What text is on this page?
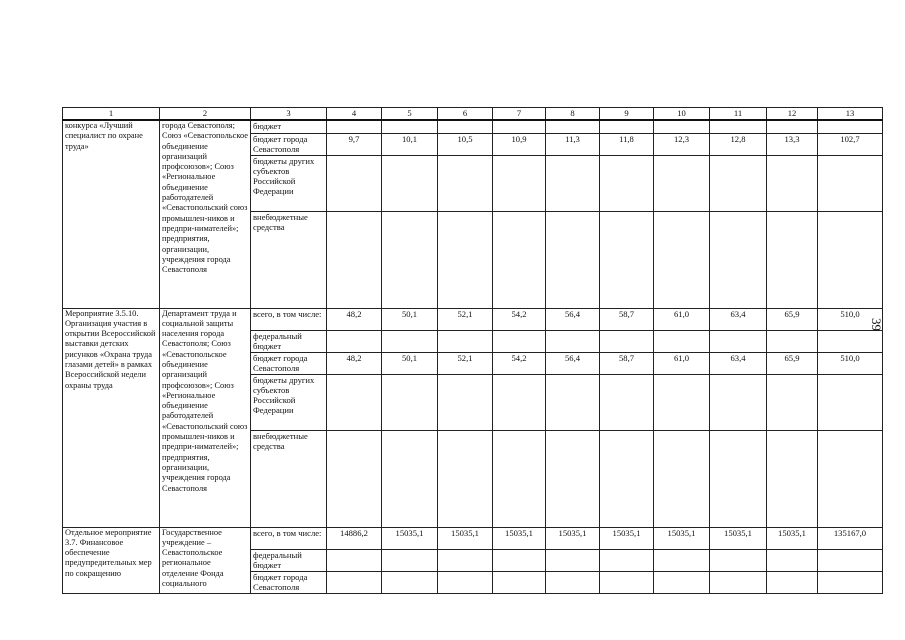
1	2	3	4	5	6	7	8	9	10	11	12	13
конкурса «Лучший специалист по охране труда»	города Севастополя; Союз «Севастопольское объединение организаций профсоюзов»; Союз «Региональное объединение работодателей «Севастопольский союз промышлен-ников и предпри-нимателей»; предприятия, организации, учреждения города Севастополя	бюджет										
		бюджет города Севастополя	9,7	10,1	10,5	10,9	11,3	11,8	12,3	12,8	13,3	102,7
		бюджеты других субъектов Российской Федерации										
		внебюджетные средства										
Мероприятие 3.5.10. Организация участия в открытии Всероссийской выставки детских рисунков «Охрана труда глазами детей» в рамках Всероссийской недели охраны труда	Департамент труда и социальной защиты населения города Севастополя; Союз «Севастопольское объединение организаций профсоюзов»; Союз «Региональное объединение работодателей «Севастопольский союз промышлен-ников и предпри-нимателей»; предприятия, организации, учреждения города Севастополя	всего, в том числе:	48,2	50,1	52,1	54,2	56,4	58,7	61,0	63,4	65,9	510,0
		федеральный бюджет										
		бюджет города Севастополя	48,2	50,1	52,1	54,2	56,4	58,7	61,0	63,4	65,9	510,0
		бюджеты других субъектов Российской Федерации										
		внебюджетные средства										
Отдельное мероприятие 3.7. Финансовое обеспечение предупредительных мер по сокращению	Государственное учреждение – Севастопольское региональное отделение Фонда социального	всего, в том числе:	14886,2	15035,1	15035,1	15035,1	15035,1	15035,1	15035,1	15035,1	15035,1	135167,0
		федеральный бюджет										
		бюджет города Севастополя										
39
